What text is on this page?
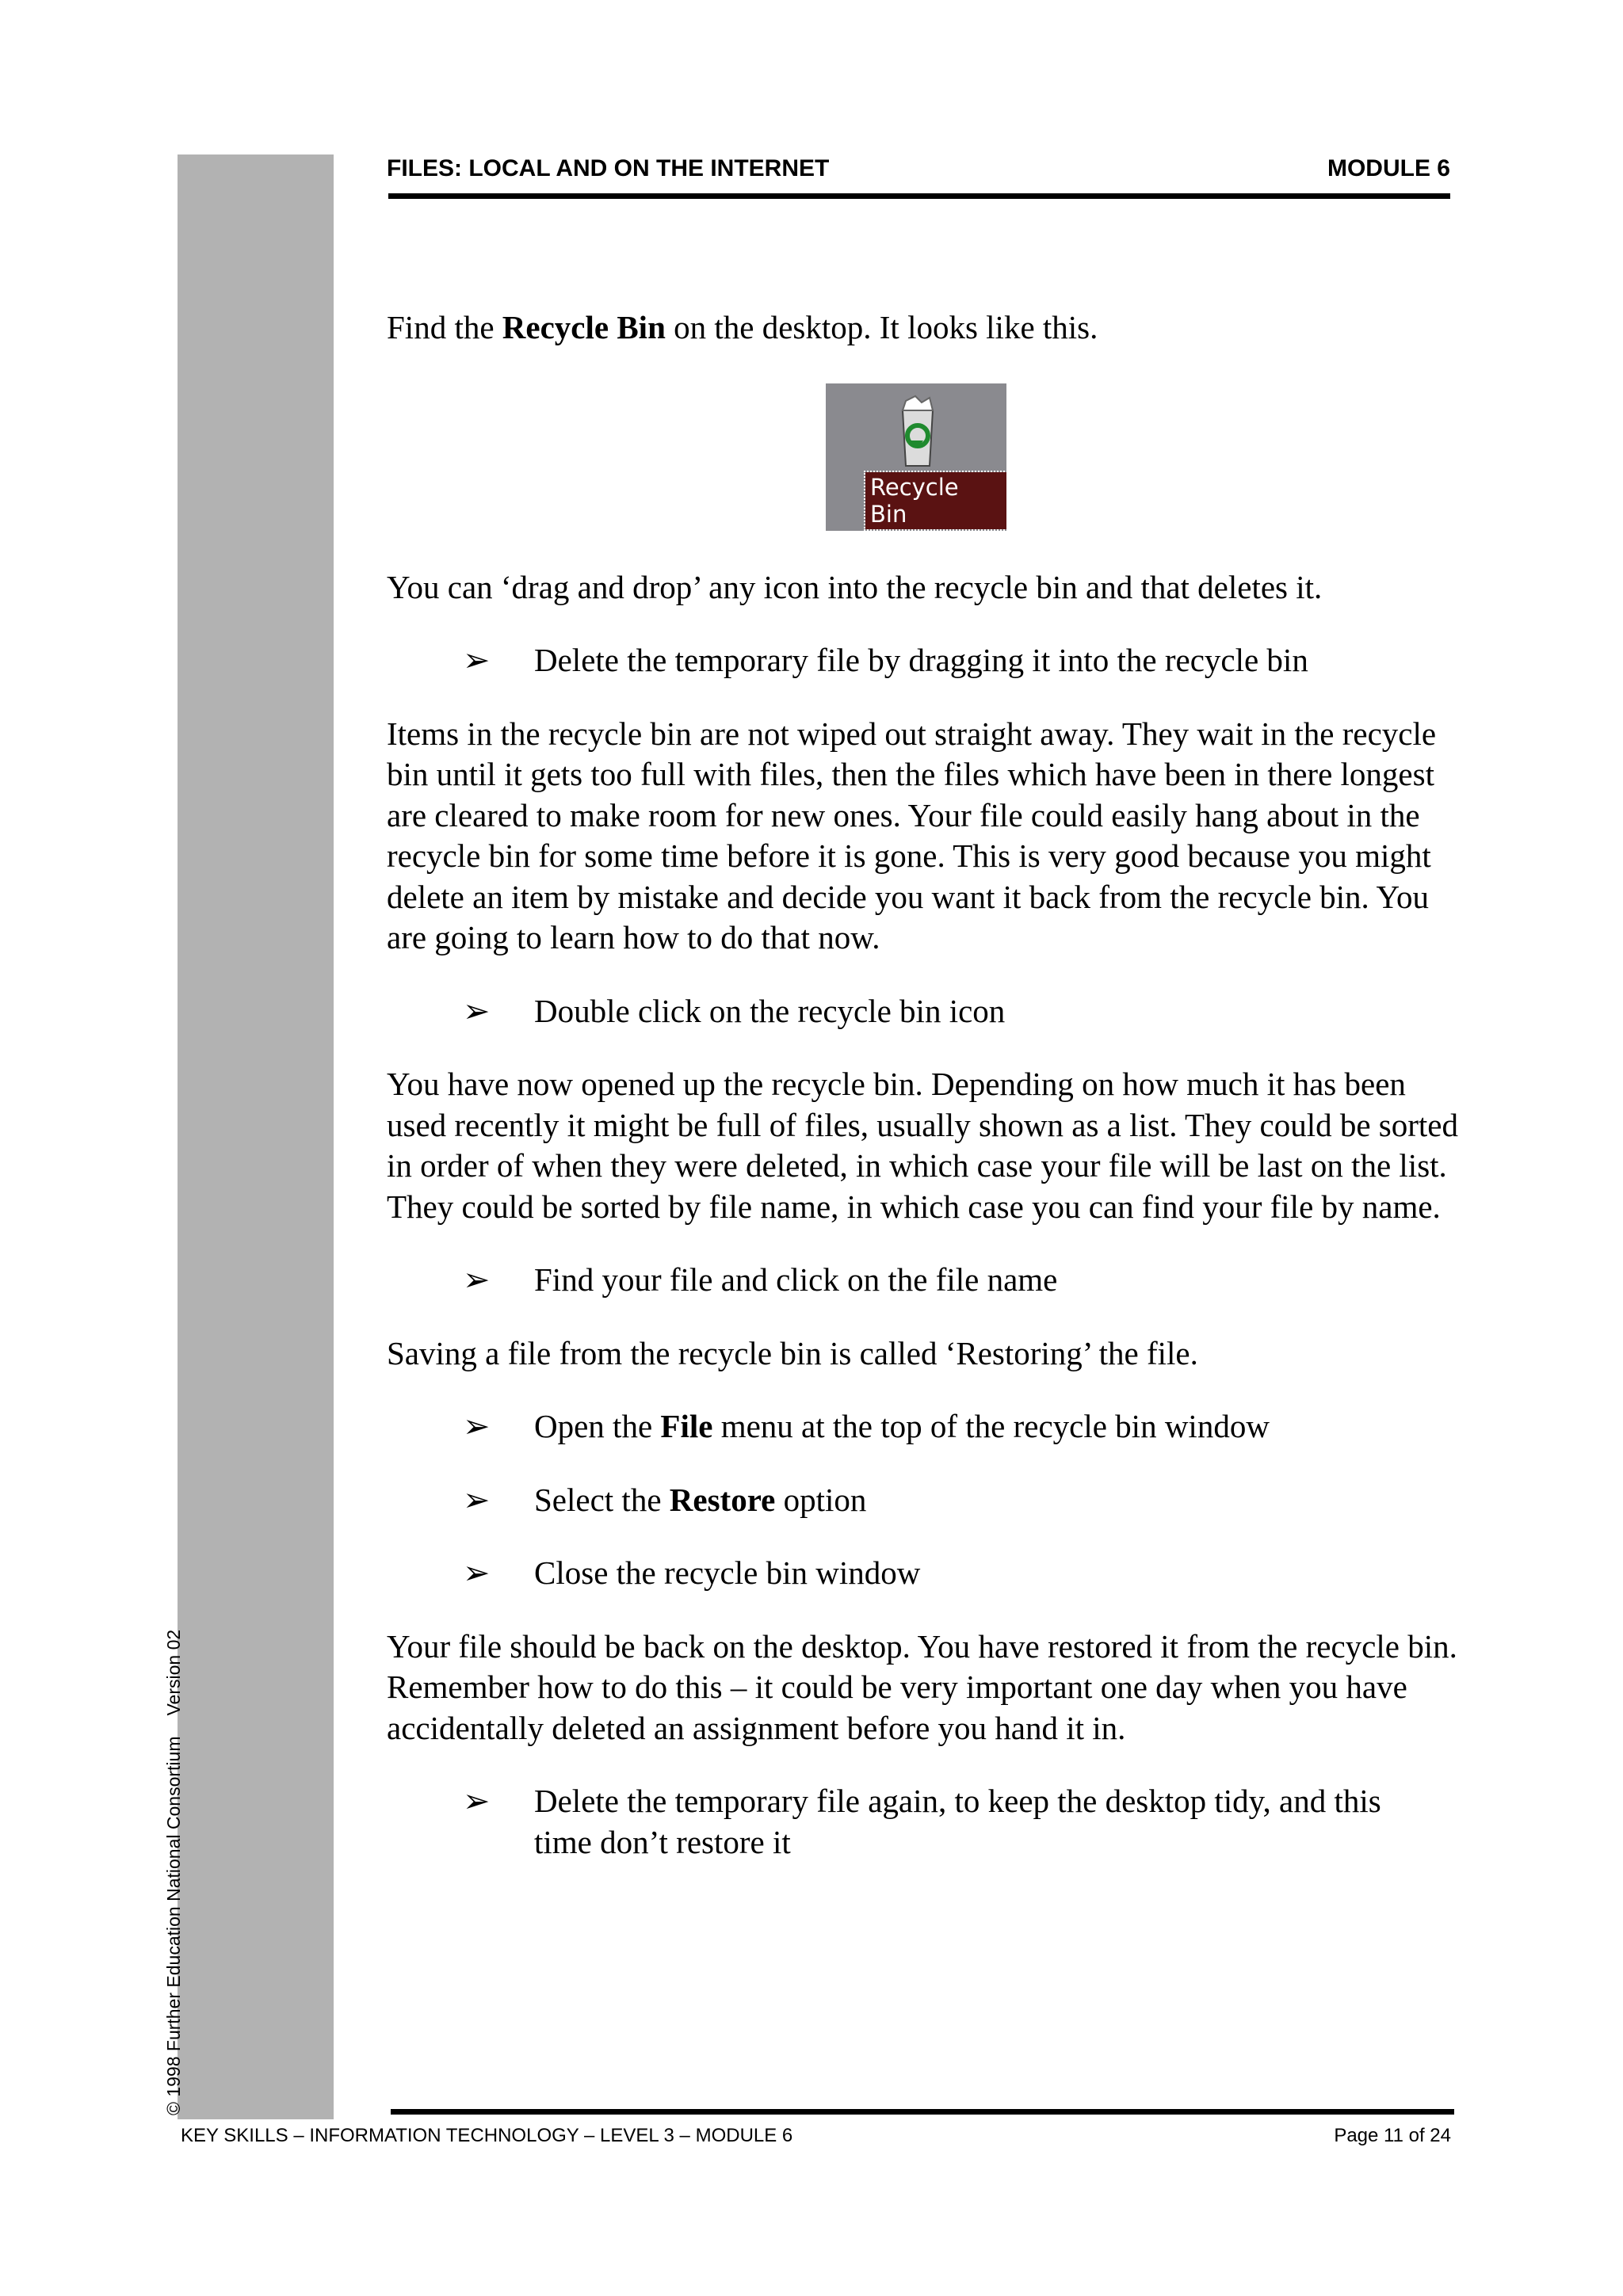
© 1998 Further Education National ConsortiumVersion 02
FILES: LOCAL AND ON THE INTERNET	MODULE 6

Find the Recycle Bin on the desktop. It looks like this.

Recycle Bin

You can ‘drag and drop’ any icon into the recycle bin and that deletes it.

➢	Delete the temporary file by dragging it into the recycle bin

Items in the recycle bin are not wiped out straight away. They wait in the recycle bin until it gets too full with files, then the files which have been in there longest are cleared to make room for new ones. Your file could easily hang about in the recycle bin for some time before it is gone. This is very good because you might delete an item by mistake and decide you want it back from the recycle bin. You are going to learn how to do that now.

➢	Double click on the recycle bin icon

You have now opened up the recycle bin. Depending on how much it has been used recently it might be full of files, usually shown as a list. They could be sorted in order of when they were deleted, in which case your file will be last on the list. They could be sorted by file name, in which case you can find your file by name.

➢	Find your file and click on the file name

Saving a file from the recycle bin is called ‘Restoring’ the file.

➢	Open the File menu at the top of the recycle bin window
➢	Select the Restore option
➢	Close the recycle bin window

Your file should be back on the desktop. You have restored it from the recycle bin. Remember how to do this – it could be very important one day when you have accidentally deleted an assignment before you hand it in.

➢	Delete the temporary file again, to keep the desktop tidy, and this time don’t restore it
KEY SKILLS – INFORMATION TECHNOLOGY – LEVEL 3 – MODULE 6	Page 11 of 24
